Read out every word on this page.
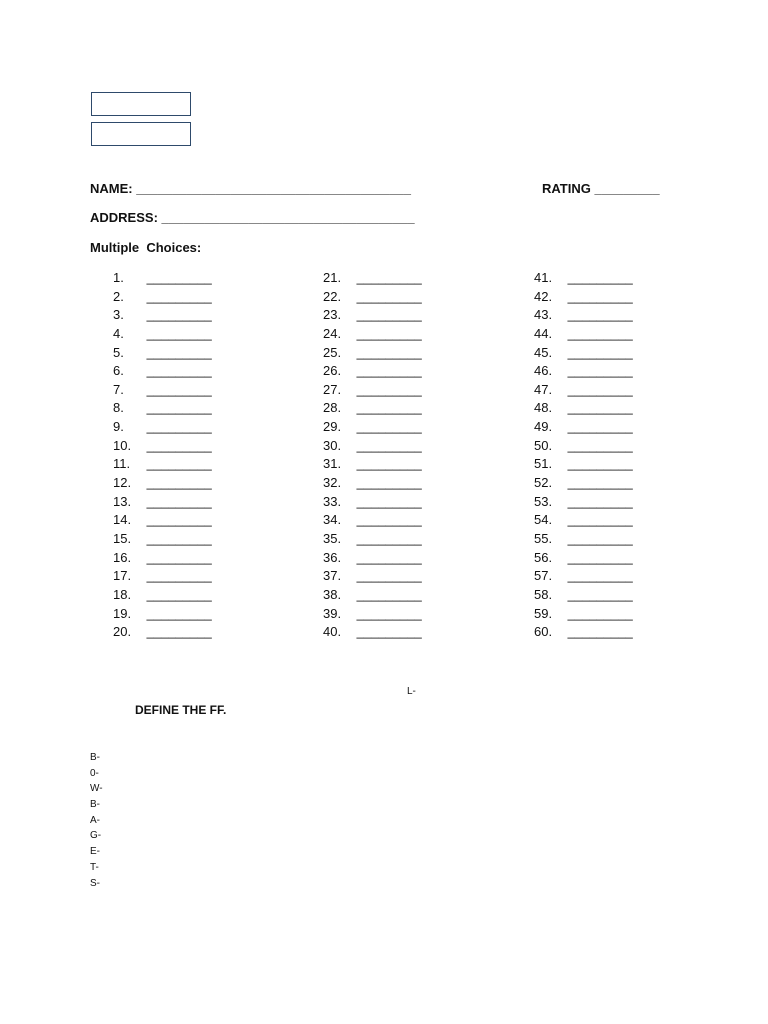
NAME: ______________________________________	RATING _________
ADDRESS: ___________________________________
Multiple  Choices:
1. _________
2. _________
3. _________
4. _________
5. _________
6. _________
7. _________
8. _________
9. _________
10. _________
11. _________
12. _________
13. _________
14. _________
15. _________
16. _________
17. _________
18. _________
19. _________
20. _________
21. _________
22. _________
23. _________
24. _________
25. _________
26. _________
27. _________
28. _________
29. _________
30. _________
31. _________
32. _________
33. _________
34. _________
35. _________
36. _________
37. _________
38. _________
39. _________
40. _________
41. _________
42. _________
43. _________
44. _________
45. _________
46. _________
47. _________
48. _________
49. _________
50. _________
51. _________
52. _________
53. _________
54. _________
55. _________
56. _________
57. _________
58. _________
59. _________
60. _________
L-
DEFINE THE FF.
B-
0-
W-
B-
A-
G-
E-
T-
S-
